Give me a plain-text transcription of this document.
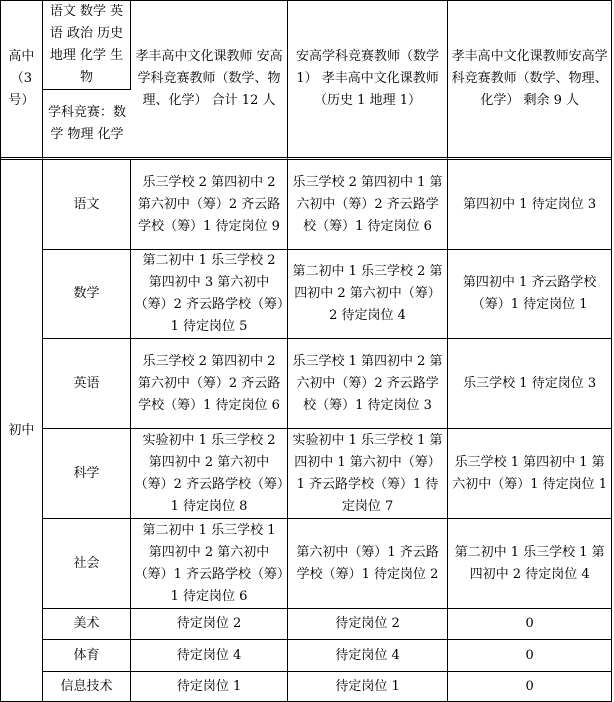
高中（3号）	语文 数学 英语 政治 历史 地理 化学 生物	孝丰高中文化课教师 安高学科竞赛教师（数学、物理、化学） 合计 12 人	安高学科竞赛教师（数学 1） 孝丰高中文化课教师（历史 1 地理 1）	孝丰高中文化课教师安高学科竞赛教师（数学、物理、化学） 剩余 9 人
	学科竞赛：数学 物理 化学			
初中	语文	乐三学校 2 第四初中 2 第六初中（筹）2 齐云路学校（筹）1 待定岗位 9	乐三学校 2 第四初中 1 第六初中（筹）2 齐云路学校（筹）1 待定岗位 6	第四初中 1 待定岗位 3
	数学	第二初中 1 乐三学校 2 第四初中 3 第六初中（筹）2 齐云路学校（筹）1 待定岗位 5	第二初中 1 乐三学校 2 第四初中 2 第六初中（筹）2 待定岗位 4	第四初中 1 齐云路学校（筹）1 待定岗位 1
	英语	乐三学校 2 第四初中 2 第六初中（筹）2 齐云路学校（筹）1 待定岗位 6	乐三学校 1 第四初中 2 第六初中（筹）2 齐云路学校（筹）1 待定岗位 3	乐三学校 1 待定岗位 3
	科学	实验初中 1 乐三学校 2 第四初中 2 第六初中（筹）2 齐云路学校（筹）1 待定岗位 8	实验初中 1 乐三学校 1 第四初中 1 第六初中（筹）1 齐云路学校（筹）1 待定岗位 7	乐三学校 1 第四初中 1 第六初中（筹）1 待定岗位 1
	社会	第二初中 1 乐三学校 1 第四初中 2 第六初中（筹）1 齐云路学校（筹）1 待定岗位 6	第六初中（筹）1 齐云路学校（筹）1 待定岗位 2	第二初中 1 乐三学校 1 第四初中 2 待定岗位 4
	美术	待定岗位 2	待定岗位 2	0
	体育	待定岗位 4	待定岗位 4	0
	信息技术	待定岗位 1	待定岗位 1	0
